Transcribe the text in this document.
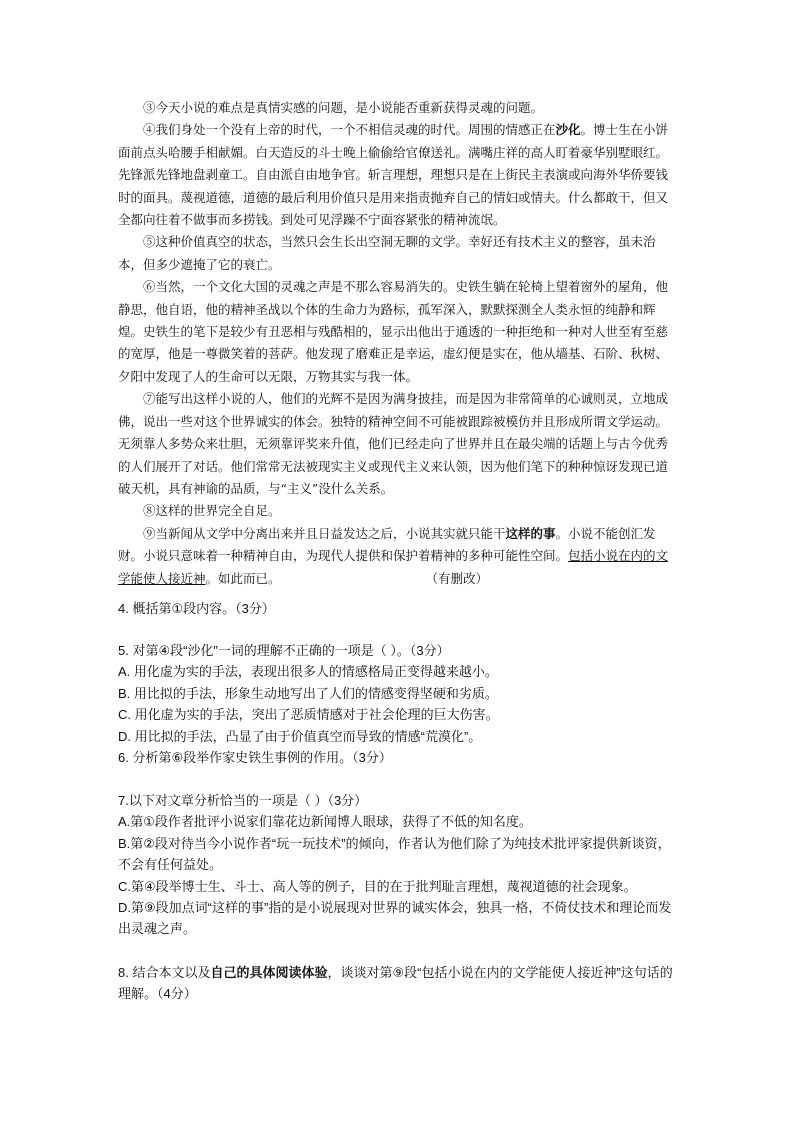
③今天小说的难点是真情实感的问题，是小说能否重新获得灵魂的问题。

④我们身处一个没有上帝的时代，一个不相信灵魂的时代。周围的情感正在沙化。博士生在小饼面前点头哈腰手相献媚。白天造反的斗士晚上偷偷给官僚送礼。满嘴庄祥的高人盯着豪华别墅眼红。先锋派先锋地盘剥童工。自由派自由地争官。斩言理想，理想只是在上街民主表演或向海外华侨要钱时的面具。蔑视道德，道德的最后利用价值只是用来指责抛弃自己的情妇或情夫。什么都敢干，但又全都向往着不做事而多捞钱。到处可见浮躁不宁面容紧张的精神流氓。

⑤这种价值真空的状态，当然只会生长出空洞无聊的文学。幸好还有技术主义的整容，虽未治本，但多少遮掩了它的衰亡。

⑥当然，一个文化大国的灵魂之声是不那么容易消失的。史铁生躺在轮椅上望着窗外的屋角，他静思，他自语，他的精神圣战以个体的生命力为路标，孤军深入，默默探测全人类永恒的纯静和辉煌。史铁生的笔下是较少有丑恶相与残酷相的，显示出他出于通透的一种拒绝和一种对人世至宥至慈的宽厚，他是一尊微笑着的菩萨。他发现了磨难正是幸运，虚幻便是实在，他从墙基、石阶、秋树、夕阳中发现了人的生命可以无限，万物其实与我一体。

⑦能写出这样小说的人，他们的光辉不是因为满身披挂，而是因为非常简单的心诚则灵，立地成佛，说出一些对这个世界诚实的体会。独特的精神空间不可能被跟踪被模仿并且形成所谓文学运动。无须靠人多势众来壮胆，无须靠评奖来升值，他们已经走向了世界并且在最尖端的话题上与古今优秀的人们展开了对话。他们常常无法被现实主义或现代主义来认领，因为他们笔下的种种惊讶发现已道破天机，具有神谕的品质，与“主义”没什么关系。

⑧这样的世界完全自足。

⑨当新闻从文学中分离出来并且日益发达之后，小说其实就只能干这样的事。小说不能创汇发财。小说只意味着一种精神自由，为现代人提供和保护着精神的多种可能性空间。包括小说在内的文学能使人接近神。如此而已。	（有删改）

4. 概括第①段内容。（3分）
5. 对第④段“沙化”一词的理解不正确的一项是（ ）。（3分）
A. 用化虚为实的手法，表现出很多人的情感格局正变得越来越小。
B. 用比拟的手法，形象生动地写出了人们的情感变得坚硬和劣质。
C. 用化虚为实的手法，突出了恶质情感对于社会伦理的巨大伤害。
D. 用比拟的手法，凸显了由于价值真空而导致的情感“荒漠化”。
6. 分析第⑥段举作家史铁生事例的作用。（3分）
7.以下对文章分析恰当的一项是（ ）（3分）
A.第①段作者批评小说家们靠花边新闻博人眼球，获得了不低的知名度。
B.第②段对待当今小说作者“玩一玩技术”的倾向，作者认为他们除了为纯技术批评家提供新谈资，不会有任何益处。
C.第④段举博士生、斗士、高人等的例子，目的在于批判耻言理想，蔑视道德的社会现象。
D.第⑨段加点词“这样的事”指的是小说展现对世界的诚实体会，独具一格，不倚仗技术和理论而发出灵魂之声。
8. 结合本文以及自己的具体阅读体验，谈谈对第⑨段“包括小说在内的文学能使人接近神”这句话的理解。（4分）
